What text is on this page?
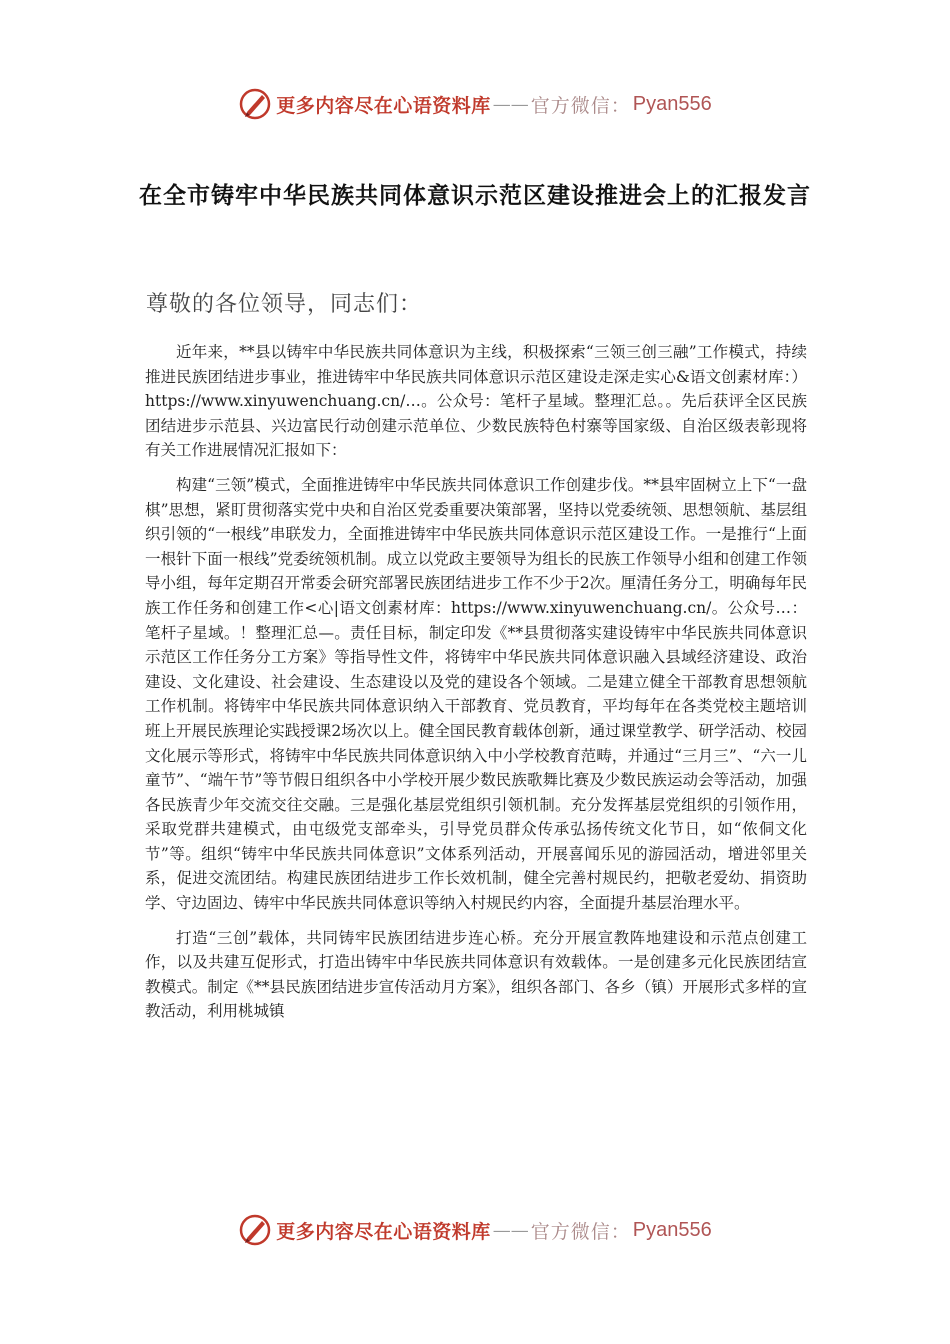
更多内容尽在心语资料库 —— 官方微信： Pyan556
在全市铸牢中华民族共同体意识示范区建设推进会上的汇报发言
尊敬的各位领导，同志们：

近年来，**县以铸牢中华民族共同体意识为主线，积极探索“三领三创三融”工作模式，持续推进民族团结进步事业，推进铸牢中华民族共同体意识示范区建设走深走实心&语文创素材库：）https://www.xinyuwenchuang.cn/…。公众号：笔杆子星域。整理汇总。。先后获评全区民族团结进步示范县、兴边富民行动创建示范单位、少数民族特色村寨等国家级、自治区级表彰现将有关工作进展情况汇报如下：

构建“三领”模式，全面推进铸牢中华民族共同体意识工作创建步伐。**县牢固树立上下“一盘棋”思想，紧盯贯彻落实党中央和自治区党委重要决策部署，坚持以党委统领、思想领航、基层组织引领的“一根线”串联发力，全面推进铸牢中华民族共同体意识示范区建设工作。一是推行“上面一根针下面一根线”党委统领机制。成立以党政主要领导为组长的民族工作领导小组和创建工作领导小组，每年定期召开常委会研究部署民族团结进步工作不少于2次。厘清任务分工，明确每年民族工作任务和创建工作<心|语文创素材库：https://www.xinyuwenchuang.cn/。公众号…：笔杆子星域。！整理汇总—。责任目标，制定印发《**县贯彻落实建设铸牢中华民族共同体意识示范区工作任务分工方案》等指导性文件，将铸牢中华民族共同体意识融入县域经济建设、政治建设、文化建设、社会建设、生态建设以及党的建设各个领域。二是建立健全干部教育思想领航工作机制。将铸牢中华民族共同体意识纳入干部教育、党员教育，平均每年在各类党校主题培训班上开展民族理论实践授课2场次以上。健全国民教育载体创新，通过课堂教学、研学活动、校园文化展示等形式，将铸牢中华民族共同体意识纳入中小学校教育范畴，并通过“三月三”、“六一儿童节”、“端午节”等节假日组织各中小学校开展少数民族歌舞比赛及少数民族运动会等活动，加强各民族青少年交流交往交融。三是强化基层党组织引领机制。充分发挥基层党组织的引领作用，采取党群共建模式，由屯级党支部牵头，引导党员群众传承弘扬传统文化节日，如“侬侗文化节”等。组织“铸牢中华民族共同体意识”文体系列活动，开展喜闻乐见的游园活动，增进邻里关系，促进交流团结。构建民族团结进步工作长效机制，健全完善村规民约，把敬老爱幼、捐资助学、守边固边、铸牢中华民族共同体意识等纳入村规民约内容，全面提升基层治理水平。

打造“三创”载体，共同铸牢民族团结进步连心桥。充分开展宣教阵地建设和示范点创建工作，以及共建互促形式，打造出铸牢中华民族共同体意识有效载体。一是创建多元化民族团结宣教模式。制定《**县民族团结进步宣传活动月方案》，组织各部门、各乡（镇）开展形式多样的宣教活动，利用桃城镇

更多内容尽在心语资料库 —— 官方微信： Pyan556
